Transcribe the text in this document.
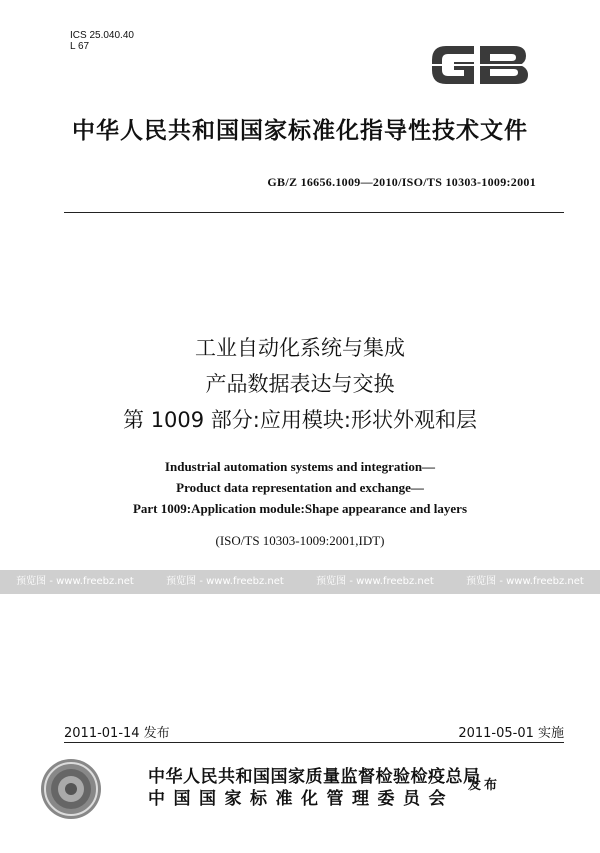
ICS 25.040.40
L 67
中华人民共和国国家标准化指导性技术文件
GB/Z 16656.1009—2010/ISO/TS 10303-1009:2001
工业自动化系统与集成
产品数据表达与交换
第 1009 部分:应用模块:形状外观和层
Industrial automation systems and integration—
Product data representation and exchange—
Part 1009:Application module:Shape appearance and layers
(ISO/TS 10303-1009:2001,IDT)
预览图 - www.freebz.net	预览图 - www.freebz.net	预览图 - www.freebz.net	预览图 - www.freebz.net
2011-01-14 发布	2011-05-01 实施
中华人民共和国国家质量监督检验检疫总局
中国国家标准化管理委员会
发布
